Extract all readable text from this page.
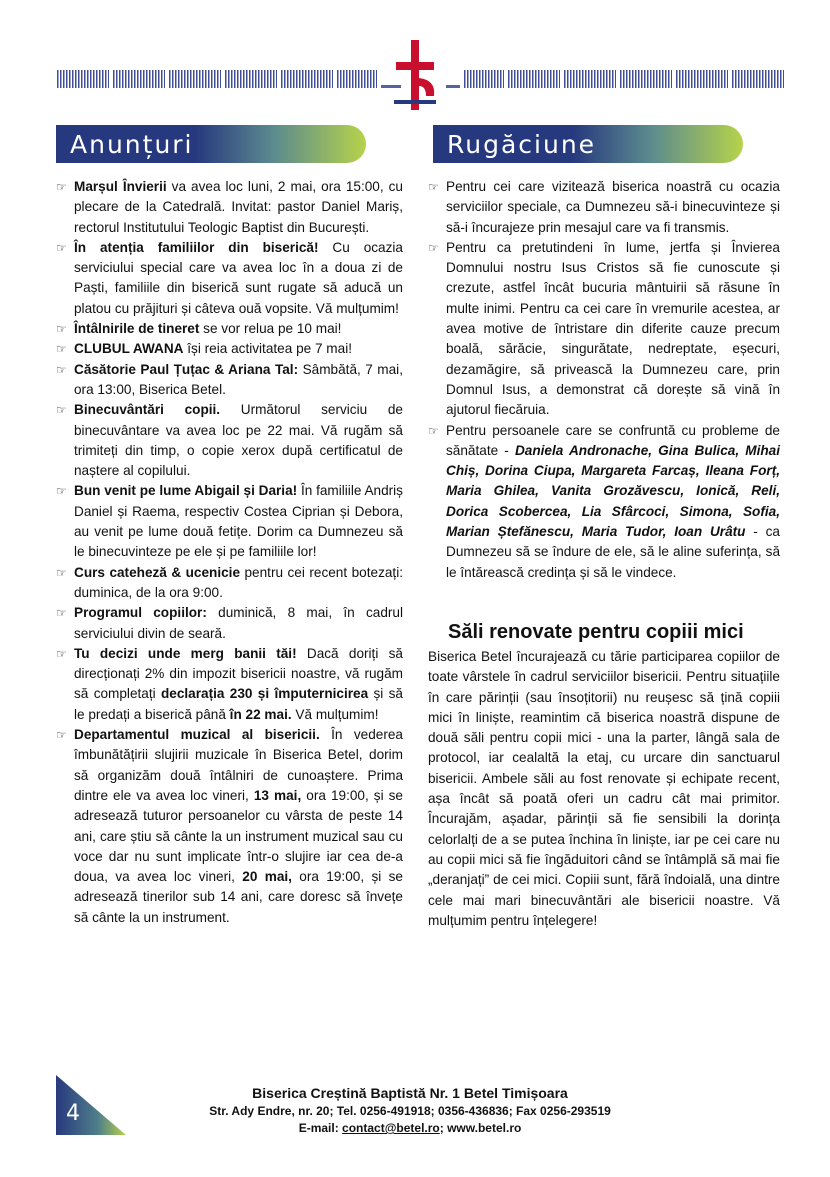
Anunțuri	Rugăciune
☞ Marșul Învierii va avea loc luni, 2 mai, ora 15:00, cu plecare de la Catedrală. Invitat: pastor Daniel Mariș, rectorul Institutului Teologic Baptist din București.
☞ În atenția familiilor din biserică! Cu ocazia serviciului special care va avea loc în a doua zi de Paști, familiile din biserică sunt rugate să aducă un platou cu prăjituri și câteva ouă vopsite. Vă mulțumim!
☞ Întâlnirile de tineret se vor relua pe 10 mai!
☞ CLUBUL AWANA își reia activitatea pe 7 mai!
☞ Căsătorie Paul Țuțac & Ariana Tal: Sâmbătă, 7 mai, ora 13:00, Biserica Betel.
☞ Binecuvântări copii. Următorul serviciu de binecuvântare va avea loc pe 22 mai. Vă rugăm să trimiteți din timp, o copie xerox după certificatul de naștere al copilului.
☞ Bun venit pe lume Abigail și Daria! În familiile Andriș Daniel și Raema, respectiv Costea Ciprian și Debora, au venit pe lume două fetițe. Dorim ca Dumnezeu să le binecuvinteze pe ele și pe familiile lor!
☞ Curs cateheză & ucenicie pentru cei recent botezați: duminica, de la ora 9:00.
☞ Programul copiilor: duminică, 8 mai, în cadrul serviciului divin de seară.
☞ Tu decizi unde merg banii tăi! Dacă doriți să direcționați 2% din impozit bisericii noastre, vă rugăm să completați declarația 230 și împuternicirea și să le predați a biserică până în 22 mai. Vă mulțumim!
☞ Departamentul muzical al bisericii. În vederea îmbunătățirii slujirii muzicale în Biserica Betel, dorim să organizăm două întâlniri de cunoaștere. Prima dintre ele va avea loc vineri, 13 mai, ora 19:00, și se adresează tuturor persoanelor cu vârsta de peste 14 ani, care știu să cânte la un instrument muzical sau cu voce dar nu sunt implicate într-o slujire iar cea de-a doua, va avea loc vineri, 20 mai, ora 19:00, și se adresează tinerilor sub 14 ani, care doresc să învețe să cânte la un instrument.
☞ Pentru cei care vizitează biserica noastră cu ocazia serviciilor speciale, ca Dumnezeu să-i binecuvinteze și să-i încurajeze prin mesajul care va fi transmis.
☞ Pentru ca pretutindeni în lume, jertfa și Învierea Domnului nostru Isus Cristos să fie cunoscute și crezute, astfel încât bucuria mântuirii să răsune în multe inimi. Pentru ca cei care în vremurile acestea, ar avea motive de întristare din diferite cauze precum boală, sărăcie, singurătate, nedreptate, eșecuri, dezamăgire, să privească la Dumnezeu care, prin Domnul Isus, a demonstrat că dorește să vină în ajutorul fiecăruia.
☞ Pentru persoanele care se confruntă cu probleme de sănătate - Daniela Andronache, Gina Bulica, Mihai Chiș, Dorina Ciupa, Margareta Farcaș, Ileana Forț, Maria Ghilea, Vanita Grozăvescu, Ionică, Reli, Dorica Scobercea, Lia Sfârcoci, Simona, Sofia, Marian Ștefănescu, Maria Tudor, Ioan Urâtu - ca Dumnezeu să se îndure de ele, să le aline suferința, să le întărească credința și să le vindece.
Săli renovate pentru copiii mici
Biserica Betel încurajează cu tărie participarea copiilor de toate vârstele în cadrul serviciilor bisericii. Pentru situațiile în care părinții (sau însoțitorii) nu reușesc să țină copiii mici în liniște, reamintim că biserica noastră dispune de două săli pentru copii mici - una la parter, lângă sala de protocol, iar cealaltă la etaj, cu urcare din sanctuarul bisericii. Ambele săli au fost renovate și echipate recent, așa încât să poată oferi un cadru cât mai primitor. Încurajăm, așadar, părinții să fie sensibili la dorința celorlalți de a se putea închina în liniște, iar pe cei care nu au copii mici să fie îngăduitori când se întâmplă să mai fie „deranjați” de cei mici. Copiii sunt, fără îndoială, una dintre cele mai mari binecuvântări ale bisericii noastre. Vă mulțumim pentru înțelegere!
4
Biserica Creștină Baptistă Nr. 1 Betel Timișoara
Str. Ady Endre, nr. 20; Tel. 0256-491918; 0356-436836; Fax 0256-293519
E-mail: contact@betel.ro; www.betel.ro
